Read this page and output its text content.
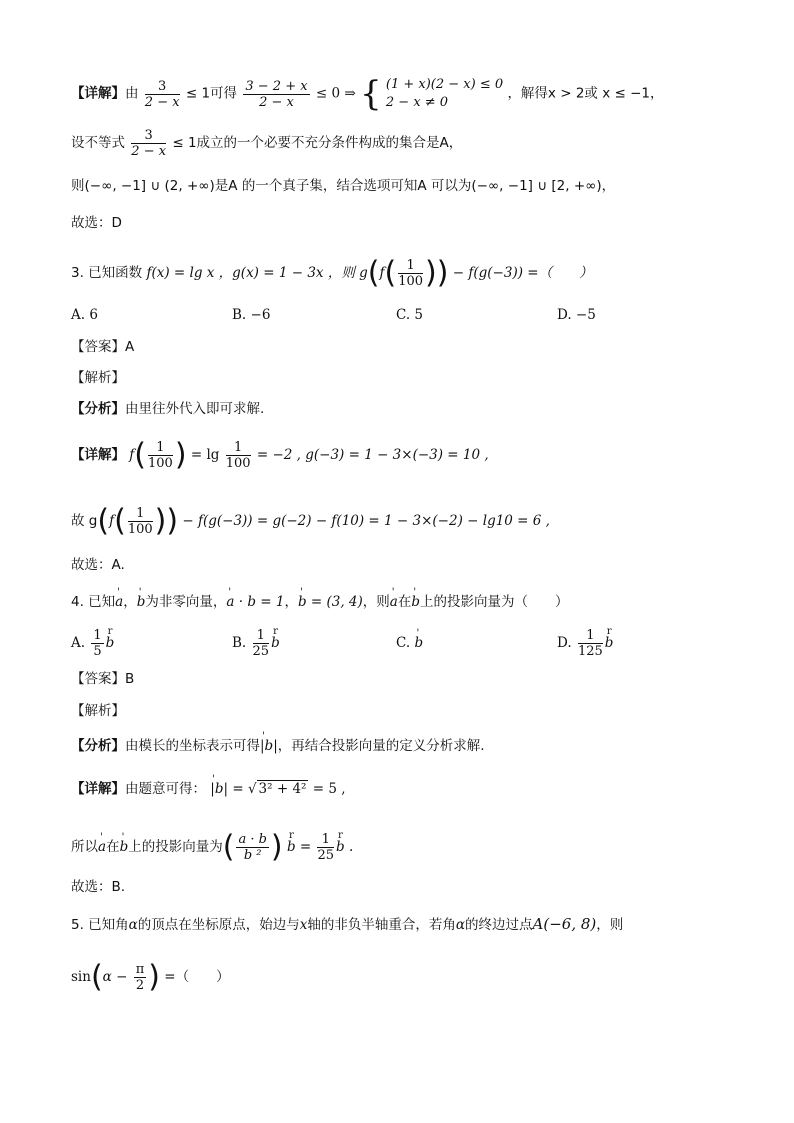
【详解】由 $\frac{3}{2 - x} \le 1$可得 $\frac{3 - 2 + x}{2 - x} \le 0$ ⇒ { (1 + x)(2 − x) ≤ 0
2 − x ≠ 0 ，解得x > 2或 x ≤ −1，
设不等式 $\frac{3}{2 - x} \le 1$成立的一个必要不充分条件构成的集合是A，
则(−∞, −1] ∪ (2, +∞)是A 的一个真子集，结合选项可知A 可以为(−∞, −1] ∪ [2, +∞)，
故选：D
3. 已知函数 f(x) = lg x ，g(x) = 1 − 3x ，则 $g(f( \frac{1}{100}$ )) − f(g(−3)) =（　　）
A. 6	B. −6	C. 5	D. −5
【答案】A
【解析】
【分析】由里往外代入即可求解.
【详解】 $f( \frac{1}{100}$ ) = $\lg \frac{1}{100} = -2$ , g(−3) = 1 − 3×(−3) = 10 ,
故 $g(f( \frac{1}{100}$ )) − f(g(−3)) = g(−2) − f(10) = 1 − 3×(−2) − lg10 = 6 ,
故选：A.
4. 已知' a，' b为非零向量，' a · b = 1，' b = (3, 4)，则' a在' b上的投影向量为（　　）
A. $\frac{1}{5}$ r b	B. $\frac{1}{25}$ r b	C. ' b	D. $\frac{1}{125}$ r b
【答案】B
【解析】
【分析】由模长的坐标表示可得' |b|，再结合投影向量的定义分析求解.
【详解】由题意可得： ' |b| = √ 3² + 4² = 5 ,
所以' a在' b上的投影向量为( $\frac{a \cdot b}{\text{b ²}}$ ) r $b = \frac{1}{25}$ r b .
故选：B.
5. 已知角α的顶点在坐标原点，始边与x轴的非负半轴重合，若角α的终边过点A(−6, 8)，则
$\sin(\alpha - \frac{\pi}{2}$ ) =（　　）
